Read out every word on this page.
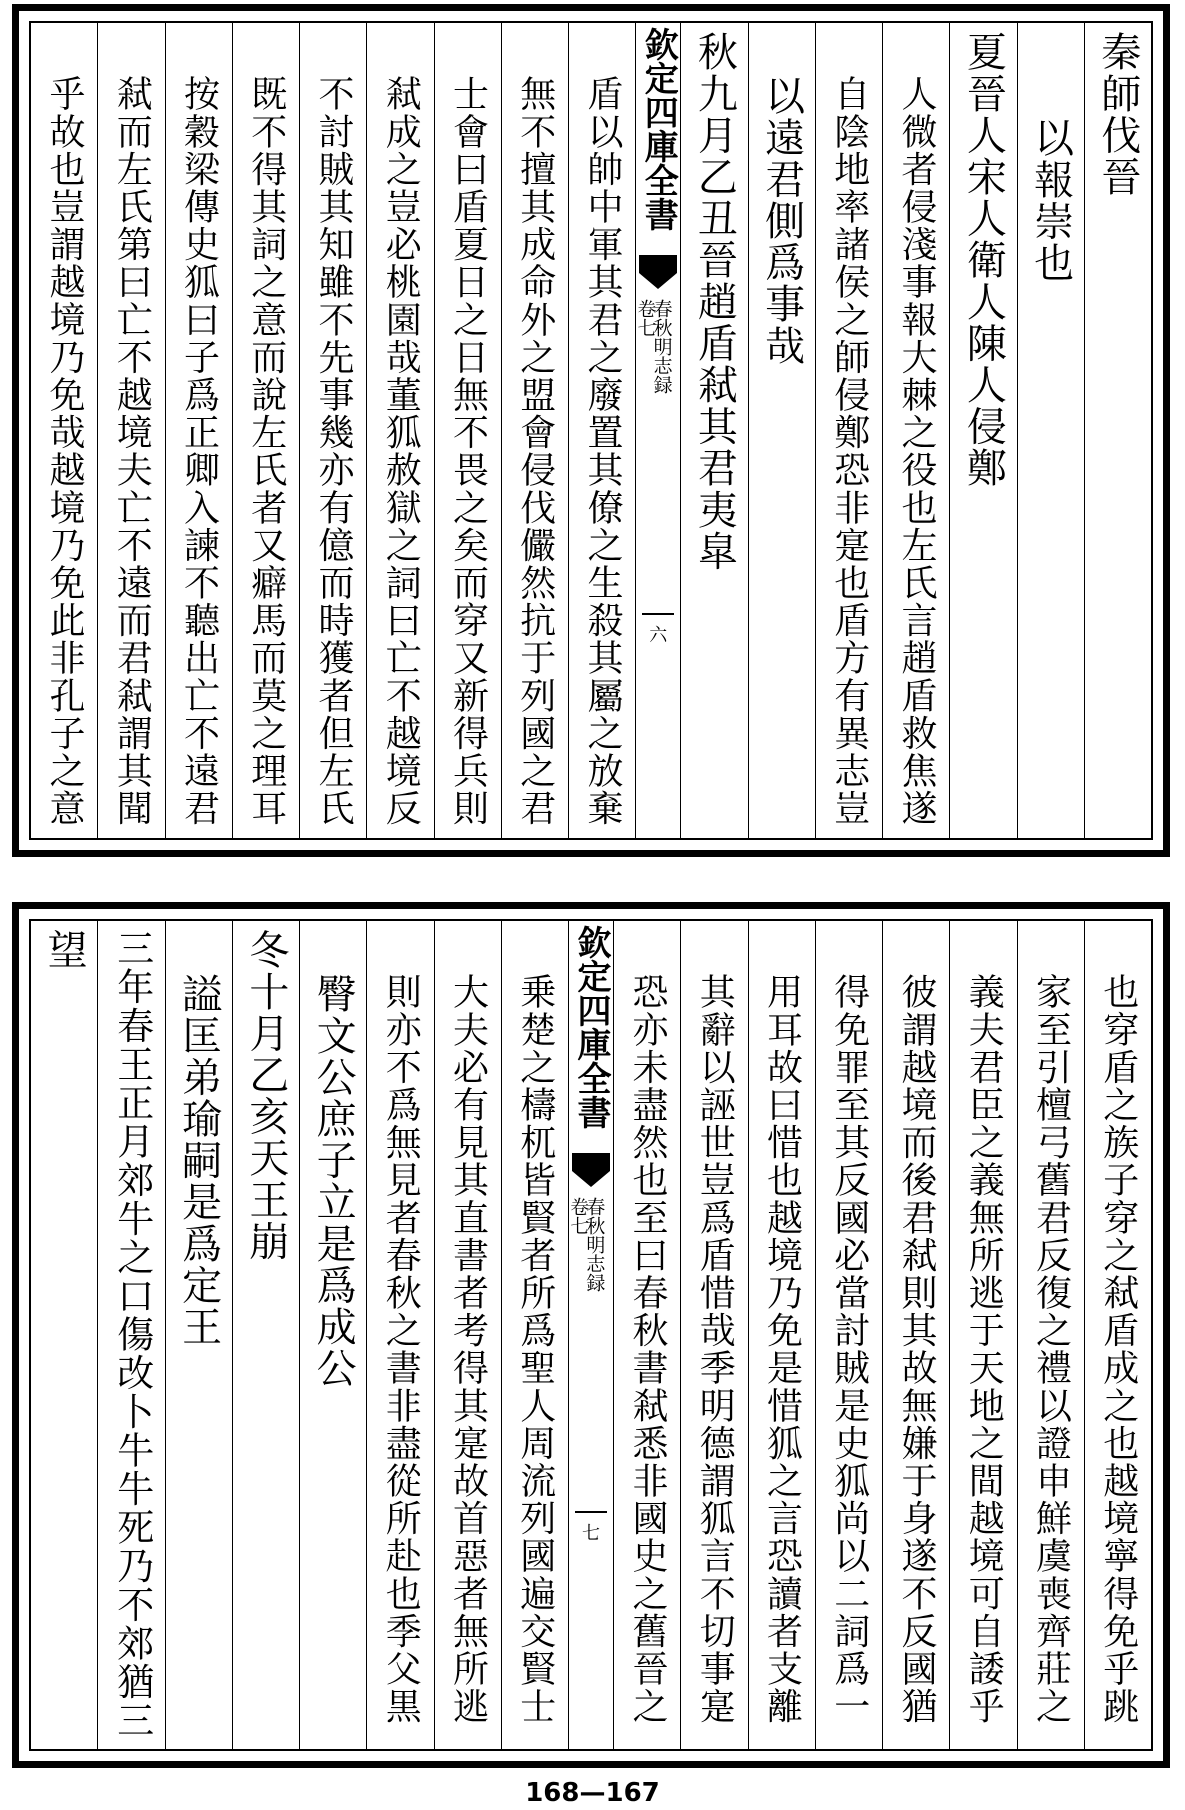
秦師伐晉
以報崇也
夏晉人宋人衛人陳人侵鄭
人微者侵淺事報大棘之役也左氏言趙盾救焦遂
自陰地率諸侯之師侵鄭恐非寔也盾方有異志豈
以遠君側爲事哉
秋九月乙丑晉趙盾弒其君夷皐
欽定四庫全書
春秋明志録
卷七
六
盾以帥中軍其君之廢置其僚之生殺其屬之放棄
無不擅其成命外之盟會侵伐儼然抗于列國之君
士會曰盾夏日之日無不畏之矣而穿又新得兵則
弒成之豈必桃園哉董狐赦獄之詞曰亡不越境反
不討賊其知雖不先事幾亦有億而時獲者但左氏
既不得其詞之意而說左氏者又癖馬而莫之理耳
按穀梁傳史狐曰子爲正卿入諫不聽出亡不遠君
弒而左氏第曰亡不越境夫亡不遠而君弒謂其聞
乎故也豈謂越境乃免哉越境乃免此非孔子之意
也穿盾之族子穿之弒盾成之也越境寧得免乎跳
家至引檀弓舊君反復之禮以證申鮮虞喪齊莊之
義夫君臣之義無所逃于天地之間越境可自諉乎
彼謂越境而後君弒則其故無嫌于身遂不反國猶
得免罪至其反國必當討賊是史狐尚以二詞爲一
用耳故曰惜也越境乃免是惜狐之言恐讀者支離
其辭以誣世豈爲盾惜哉季明德謂狐言不切事寔
恐亦未盡然也至曰春秋書弒悉非國史之舊晉之
欽定四庫全書
春秋明志録
卷七
七
乗楚之檮杌皆賢者所爲聖人周流列國遍交賢士
大夫必有見其直書者考得其寔故首惡者無所逃
則亦不爲無見者春秋之書非盡從所赴也季父黒
臀文公庶子立是爲成公
冬十月乙亥天王崩
謚匡弟瑜嗣是爲定王
三年春王正月郊牛之口傷改卜牛牛死乃不郊猶三
望
168—167
